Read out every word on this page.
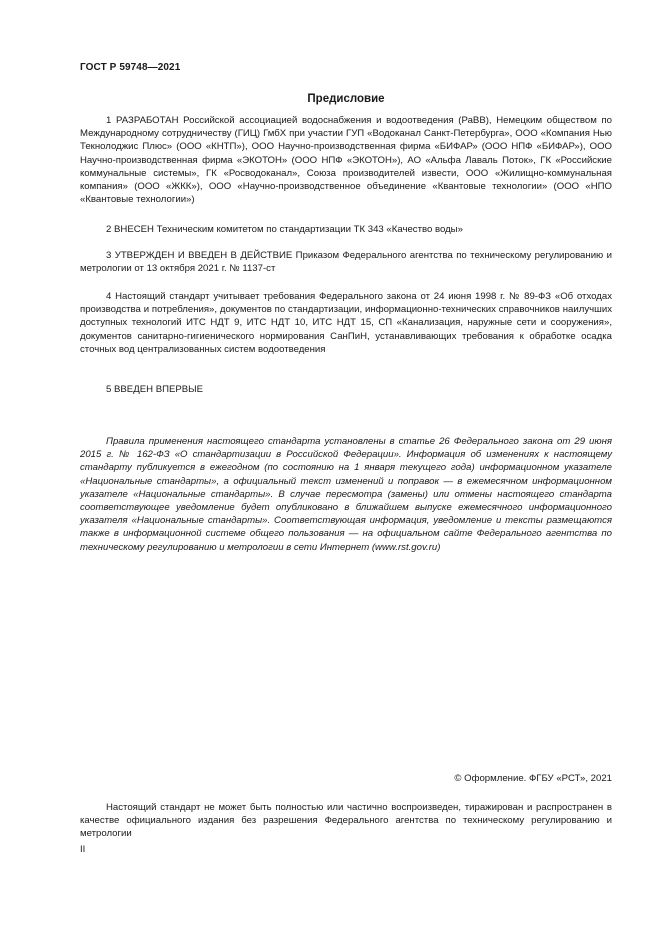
ГОСТ Р 59748—2021
Предисловие

1 РАЗРАБОТАН Российской ассоциацией водоснабжения и водоотведения (РаВВ), Немецким обществом по Международному сотрудничеству (ГИЦ) ГмбХ при участии ГУП «Водоканал Санкт-Петербурга», ООО «Компания Нью Текнолоджис Плюс» (ООО «КНТП»), ООО Научно-производственная фирма «БИФАР» (ООО НПФ «БИФАР»), ООО Научно-производственная фирма «ЭКОТОН» (ООО НПФ «ЭКОТОН»), АО «Альфа Лаваль Поток», ГК «Российские коммунальные системы», ГК «Росводоканал», Союза производителей извести, ООО «Жилищно-коммунальная компания» (ООО «ЖКК»), ООО «Научно-производственное объединение «Квантовые технологии» (ООО «НПО «Квантовые технологии»)

2 ВНЕСЕН Техническим комитетом по стандартизации ТК 343 «Качество воды»

3 УТВЕРЖДЕН И ВВЕДЕН В ДЕЙСТВИЕ Приказом Федерального агентства по техническому регулированию и метрологии от 13 октября 2021 г. № 1137-ст

4 Настоящий стандарт учитывает требования Федерального закона от 24 июня 1998 г. № 89-ФЗ «Об отходах производства и потребления», документов по стандартизации, информационно-технических справочников наилучших доступных технологий ИТС НДТ 9, ИТС НДТ 10, ИТС НДТ 15, СП «Канализация, наружные сети и сооружения», документов санитарно-гигиенического нормирования СанПиН, устанавливающих требования к обработке осадка сточных вод централизованных систем водоотведения

5 ВВЕДЕН ВПЕРВЫЕ

Правила применения настоящего стандарта установлены в статье 26 Федерального закона от 29 июня 2015 г. № 162-ФЗ «О стандартизации в Российской Федерации». Информация об изменениях к настоящему стандарту публикуется в ежегодном (по состоянию на 1 января текущего года) информационном указателе «Национальные стандарты», а официальный текст изменений и поправок — в ежемесячном информационном указателе «Национальные стандарты». В случае пересмотра (замены) или отмены настоящего стандарта соответствующее уведомление будет опубликовано в ближайшем выпуске ежемесячного информационного указателя «Национальные стандарты». Соответствующая информация, уведомление и тексты размещаются также в информационной системе общего пользования — на официальном сайте Федерального агентства по техническому регулированию и метрологии в сети Интернет (www.rst.gov.ru)

© Оформление. ФГБУ «РСТ», 2021

Настоящий стандарт не может быть полностью или частично воспроизведен, тиражирован и распространен в качестве официального издания без разрешения Федерального агентства по техническому регулированию и метрологии

II
